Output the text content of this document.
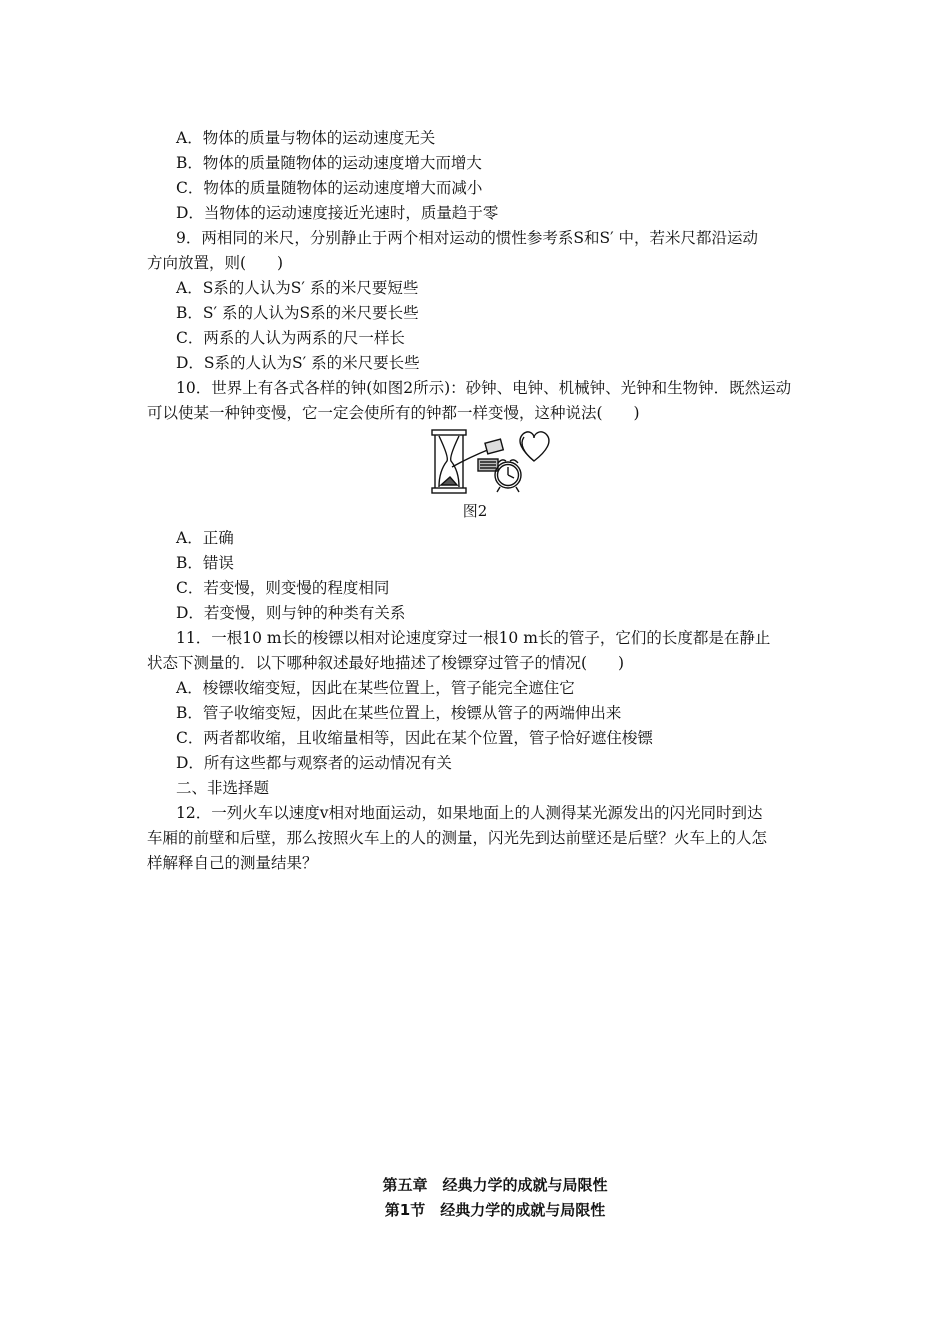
A．物体的质量与物体的运动速度无关
B．物体的质量随物体的运动速度增大而增大
C．物体的质量随物体的运动速度增大而减小
D．当物体的运动速度接近光速时，质量趋于零
9．两相同的米尺，分别静止于两个相对运动的惯性参考系S和S′ 中，若米尺都沿运动
方向放置，则(　　)
A．S系的人认为S′ 系的米尺要短些
B．S′ 系的人认为S系的米尺要长些
C．两系的人认为两系的尺一样长
D．S系的人认为S′ 系的米尺要长些
10．世界上有各式各样的钟(如图2所示)：砂钟、电钟、机械钟、光钟和生物钟．既然运动
可以使某一种钟变慢，它一定会使所有的钟都一样变慢，这种说法(　　)
图2
A．正确
B．错误
C．若变慢，则变慢的程度相同
D．若变慢，则与钟的种类有关系
11．一根10 m长的梭镖以相对论速度穿过一根10 m长的管子，它们的长度都是在静止
状态下测量的．以下哪种叙述最好地描述了梭镖穿过管子的情况(　　)
A．梭镖收缩变短，因此在某些位置上，管子能完全遮住它
B．管子收缩变短，因此在某些位置上，梭镖从管子的两端伸出来
C．两者都收缩，且收缩量相等，因此在某个位置，管子恰好遮住梭镖
D．所有这些都与观察者的运动情况有关
二、非选择题
12．一列火车以速度v相对地面运动，如果地面上的人测得某光源发出的闪光同时到达
车厢的前壁和后壁，那么按照火车上的人的测量，闪光先到达前壁还是后壁？火车上的人怎
样解释自己的测量结果？
第五章　经典力学的成就与局限性
第1节　经典力学的成就与局限性
